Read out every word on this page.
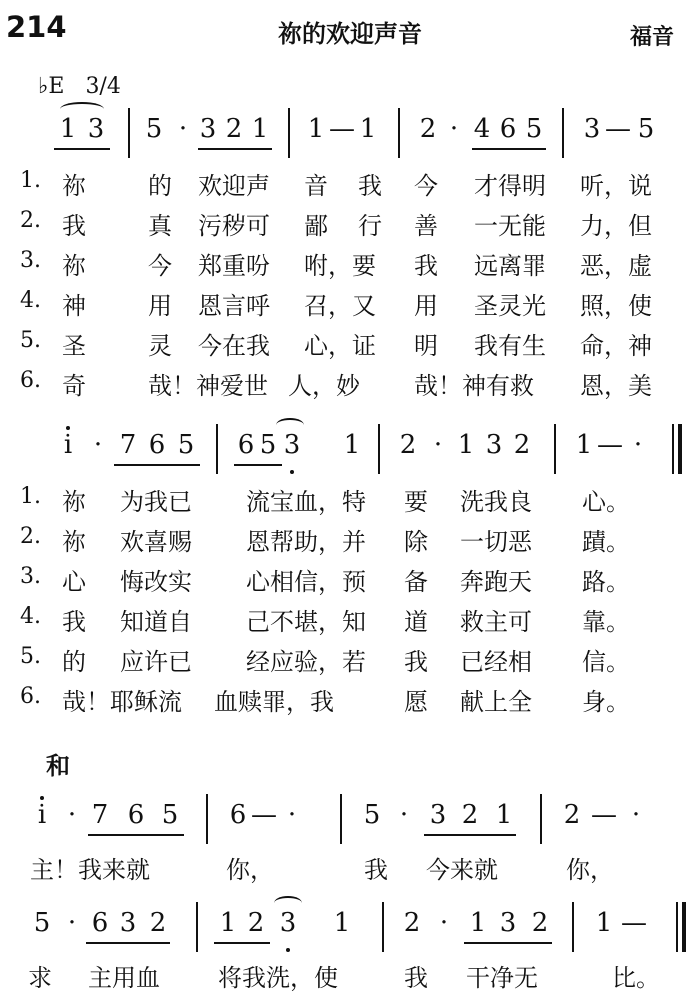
214	祢的欢迎声音	福音
♭E 3/4
1 3 5 · 3 2 1 1 — 1 2 · 4 6 5 3 — 5
1. 祢	的 欢迎声 音 我 今 才得明 听，说
2. 我	真 污秽可 鄙 行 善 一无能 力，但
3. 祢	今 郑重吩 咐，要 我 远离罪 恶，虚
4. 神	用 恩言呼 召，又 用 圣灵光 照，使
5. 圣	灵 今在我 心，证 明 我有生 命，神
6. 奇	哉！神爱世 人，妙 哉！神有救 恩，美
i · 7 6 5 6 5 3 1 2 · 1 3 2 1 — ·
1. 祢 为我已 流宝血，特 要 洗我良 心。
2. 祢 欢喜赐 恩帮助，并 除 一切恶 蹟。
3. 心 悔改实 心相信，预 备 奔跑天 路。
4. 我 知道自 己不堪，知 道 救主可 靠。
5. 的 应许已 经应验，若 我 已经相 信。
6. 哉！耶稣流 血赎罪，我	愿 献上全 身。
和
i · 7 6 5 6 — ·	5 · 3 2 1 2 — ·
主！我来就	你，	我 今来就	你，
5 · 6 3 2 1 2 3 1 2 · 1 3 2 1 —
求 主用血 将我洗，使	我 干净无	比。
